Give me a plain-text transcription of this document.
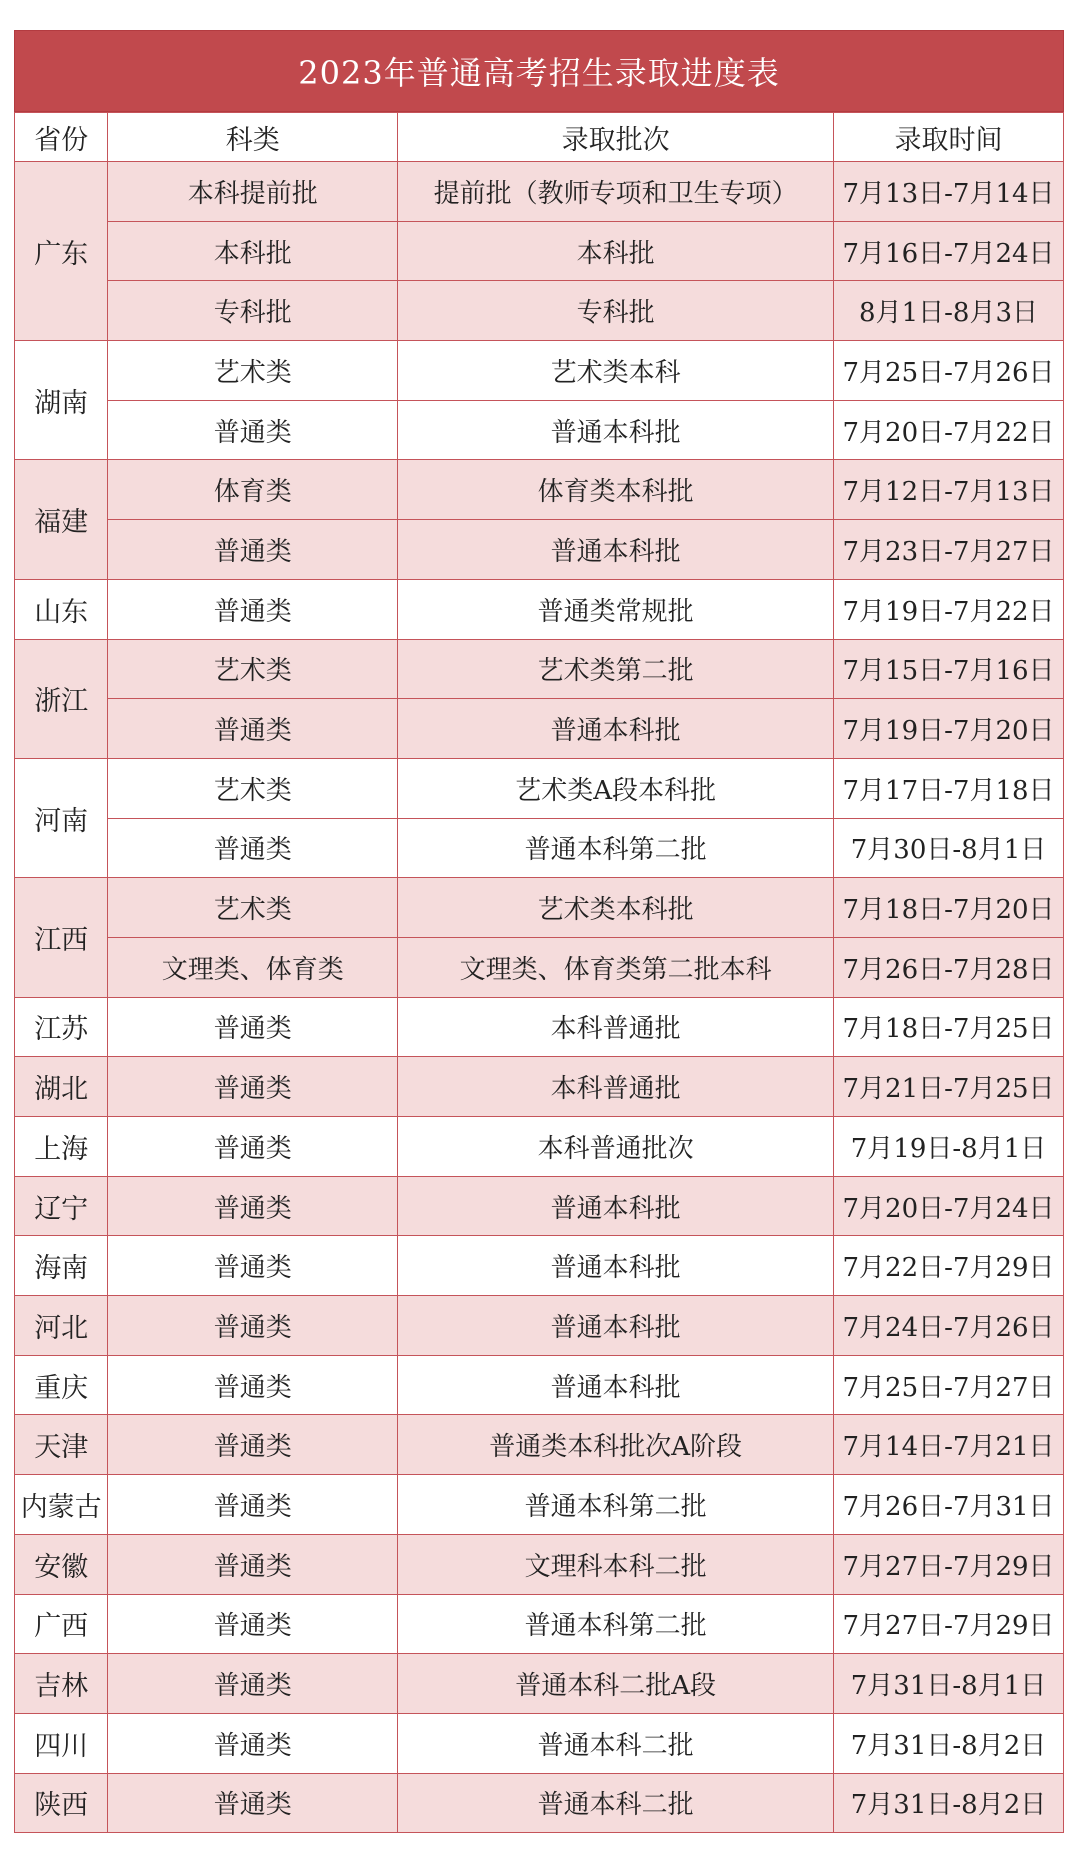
2023年普通高考招生录取进度表
省份	科类	录取批次	录取时间
广东	本科提前批	提前批（教师专项和卫生专项）	7月13日-7月14日
	本科批	本科批	7月16日-7月24日
	专科批	专科批	8月1日-8月3日
湖南	艺术类	艺术类本科	7月25日-7月26日
	普通类	普通本科批	7月20日-7月22日
福建	体育类	体育类本科批	7月12日-7月13日
	普通类	普通本科批	7月23日-7月27日
山东	普通类	普通类常规批	7月19日-7月22日
浙江	艺术类	艺术类第二批	7月15日-7月16日
	普通类	普通本科批	7月19日-7月20日
河南	艺术类	艺术类A段本科批	7月17日-7月18日
	普通类	普通本科第二批	7月30日-8月1日
江西	艺术类	艺术类本科批	7月18日-7月20日
	文理类、体育类	文理类、体育类第二批本科	7月26日-7月28日
江苏	普通类	本科普通批	7月18日-7月25日
湖北	普通类	本科普通批	7月21日-7月25日
上海	普通类	本科普通批次	7月19日-8月1日
辽宁	普通类	普通本科批	7月20日-7月24日
海南	普通类	普通本科批	7月22日-7月29日
河北	普通类	普通本科批	7月24日-7月26日
重庆	普通类	普通本科批	7月25日-7月27日
天津	普通类	普通类本科批次A阶段	7月14日-7月21日
内蒙古	普通类	普通本科第二批	7月26日-7月31日
安徽	普通类	文理科本科二批	7月27日-7月29日
广西	普通类	普通本科第二批	7月27日-7月29日
吉林	普通类	普通本科二批A段	7月31日-8月1日
四川	普通类	普通本科二批	7月31日-8月2日
陕西	普通类	普通本科二批	7月31日-8月2日
